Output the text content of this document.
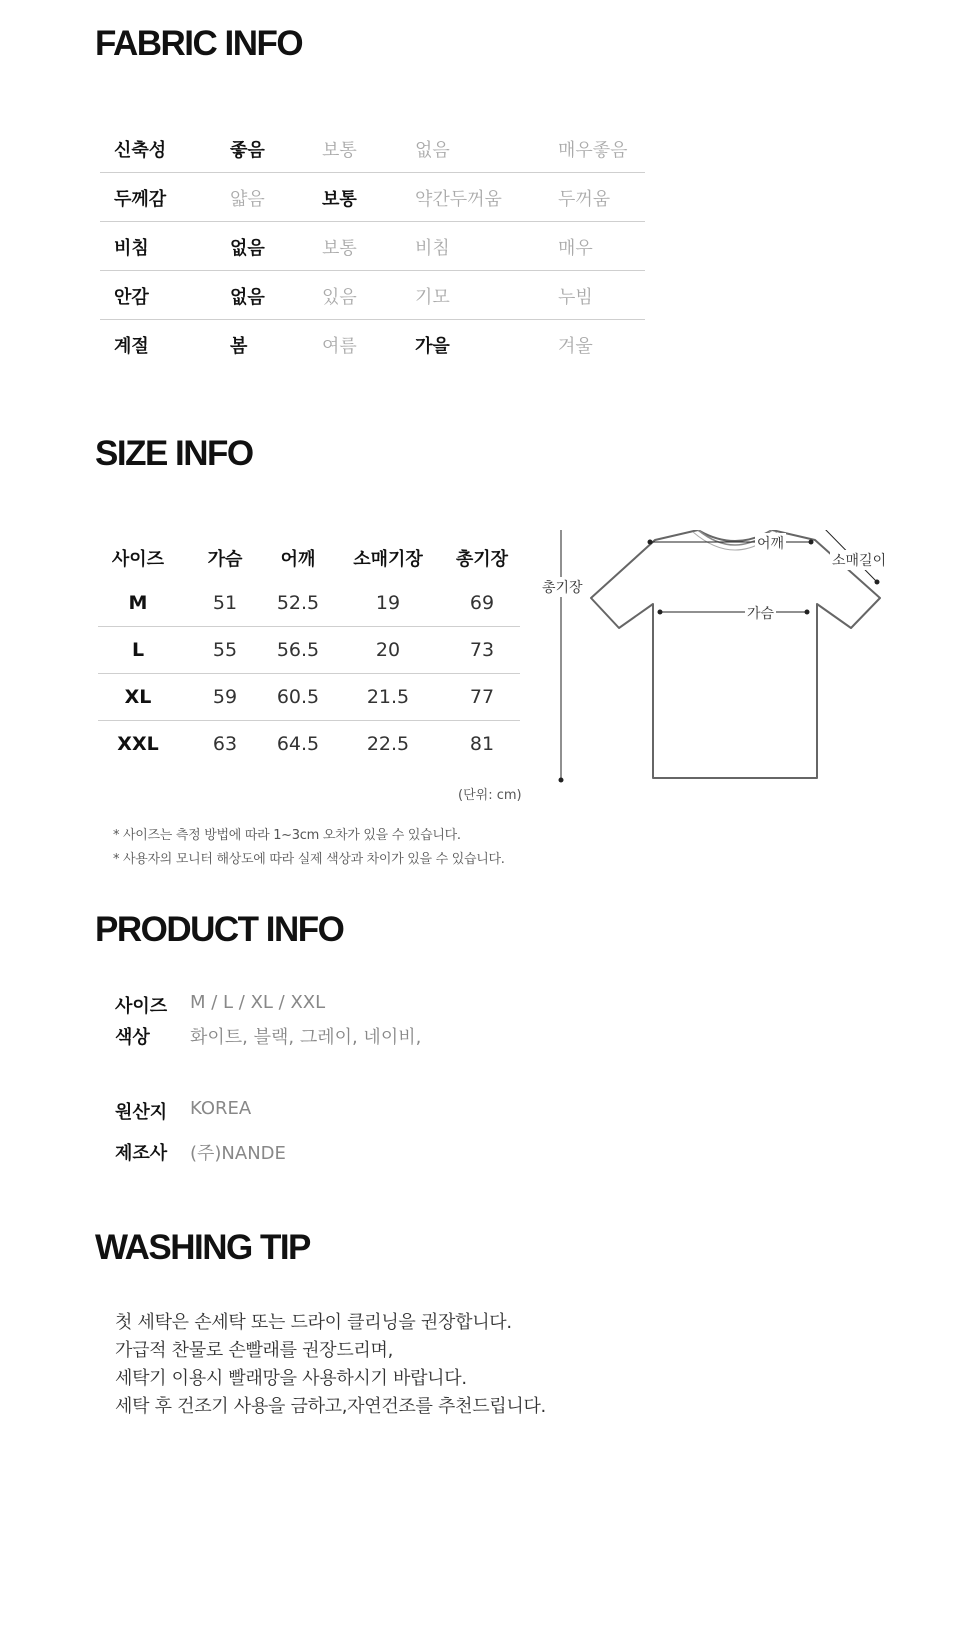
FABRIC INFO
신축성	좋음	보통	없음	매우좋음
두께감	얇음	보통	약간두꺼움	두꺼움
비침	없음	보통	비침	매우
안감	없음	있음	기모	누빔
계절	봄	여름	가을	겨울
SIZE INFO
사이즈	가슴	어깨	소매기장	총기장
M	51	52.5	19	69
L	55	56.5	20	73
XL	59	60.5	21.5	77
XXL	63	64.5	22.5	81
(단위: cm)
* 사이즈는 측정 방법에 따라 1~3cm 오차가 있을 수 있습니다.
* 사용자의 모니터 해상도에 따라 실제 색상과 차이가 있을 수 있습니다.
어깨
소매길이
총기장
가슴
PRODUCT INFO
사이즈	M / L / XL / XXL
색상	화이트, 블랙, 그레이, 네이비,
원산지	KOREA
제조사	(주)NANDE
WASHING TIP
첫 세탁은 손세탁 또는 드라이 클리닝을 권장합니다.
가급적 찬물로 손빨래를 권장드리며,
세탁기 이용시 빨래망을 사용하시기 바랍니다.
세탁 후 건조기 사용을 금하고,자연건조를 추천드립니다.
